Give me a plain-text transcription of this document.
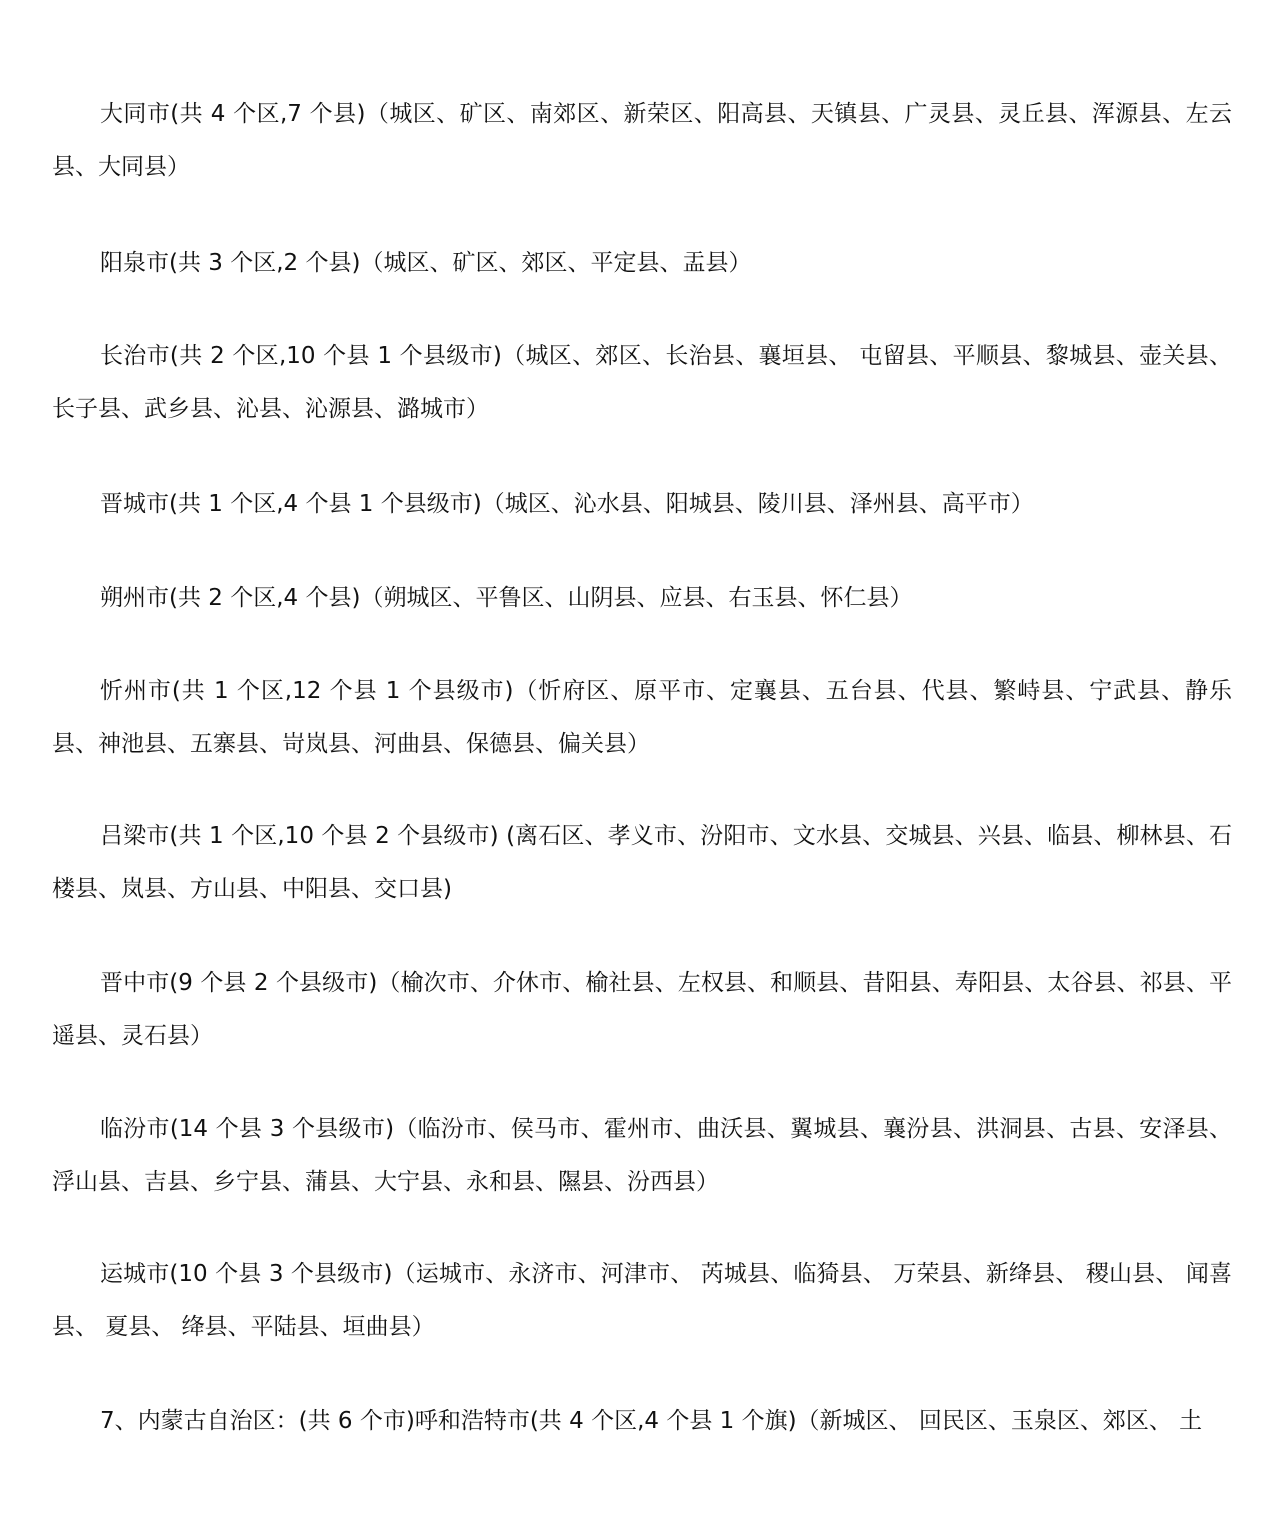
大同市(共 4 个区,7 个县)（城区、矿区、南郊区、新荣区、阳高县、天镇县、广灵县、灵丘县、浑源县、左云县、大同县）

阳泉市(共 3 个区,2 个县)（城区、矿区、郊区、平定县、盂县）

长治市(共 2 个区,10 个县 1 个县级市)（城区、郊区、长治县、襄垣县、 屯留县、平顺县、黎城县、壶关县、长子县、武乡县、沁县、沁源县、潞城市）

晋城市(共 1 个区,4 个县 1 个县级市)（城区、沁水县、阳城县、陵川县、泽州县、高平市）

朔州市(共 2 个区,4 个县)（朔城区、平鲁区、山阴县、应县、右玉县、怀仁县）

忻州市(共 1 个区,12 个县 1 个县级市)（忻府区、原平市、定襄县、五台县、代县、繁峙县、宁武县、静乐县、神池县、五寨县、岢岚县、河曲县、保德县、偏关县）

吕梁市(共 1 个区,10 个县 2 个县级市) (离石区、孝义市、汾阳市、文水县、交城县、兴县、临县、柳林县、石楼县、岚县、方山县、中阳县、交口县)

晋中市(9 个县 2 个县级市)（榆次市、介休市、榆社县、左权县、和顺县、昔阳县、寿阳县、太谷县、祁县、平遥县、灵石县）

临汾市(14 个县 3 个县级市)（临汾市、侯马市、霍州市、曲沃县、翼城县、襄汾县、洪洞县、古县、安泽县、浮山县、吉县、乡宁县、蒲县、大宁县、永和县、隰县、汾西县）

运城市(10 个县 3 个县级市)（运城市、永济市、河津市、 芮城县、临猗县、 万荣县、新绛县、 稷山县、 闻喜县、 夏县、 绛县、平陆县、垣曲县）

7、内蒙古自治区：(共 6 个市)呼和浩特市(共 4 个区,4 个县 1 个旗)（新城区、 回民区、玉泉区、郊区、 土
